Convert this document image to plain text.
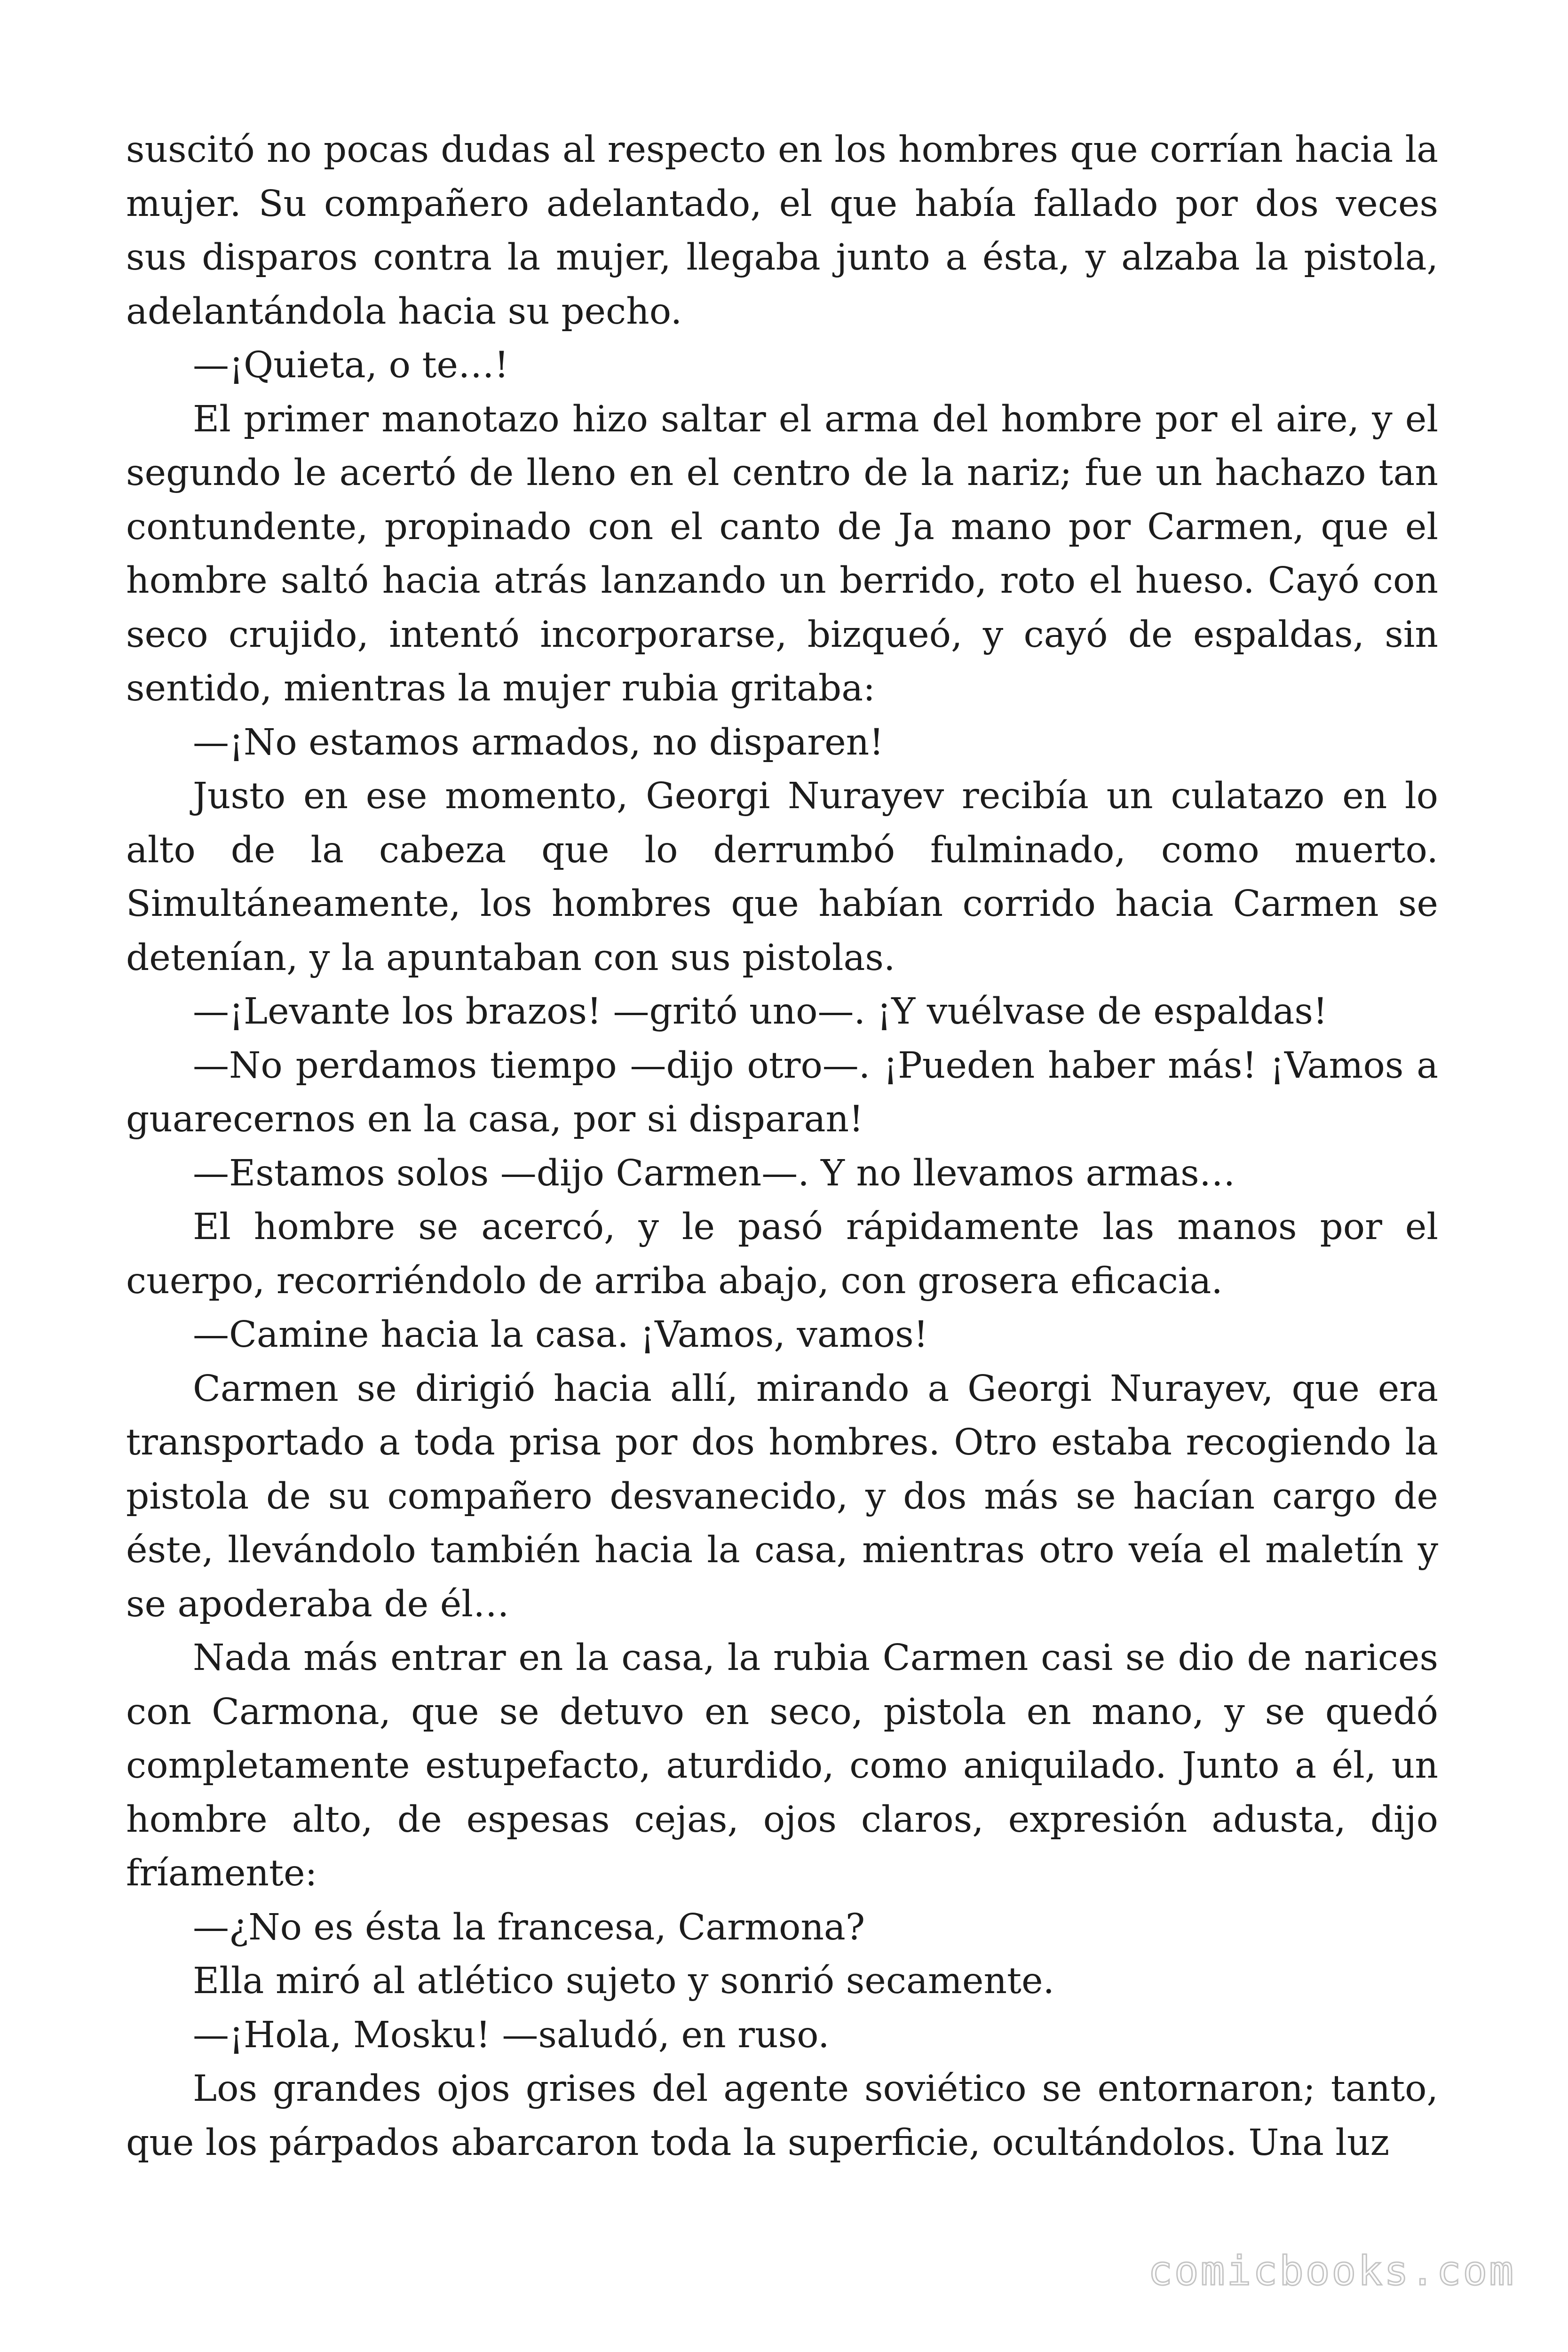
suscitó no pocas dudas al respecto en los hombres que corrían hacia la mujer. Su compañero adelantado, el que había fallado por dos veces sus disparos contra la mujer, llegaba junto a ésta, y alzaba la pistola, adelantándola hacia su pecho.

—¡Quieta, o te…!

El primer manotazo hizo saltar el arma del hombre por el aire, y el segundo le acertó de lleno en el centro de la nariz; fue un hachazo tan contundente, propinado con el canto de Ja mano por Carmen, que el hombre saltó hacia atrás lanzando un berrido, roto el hueso. Cayó con seco crujido, intentó incorporarse, bizqueó, y cayó de espaldas, sin sentido, mientras la mujer rubia gritaba:

—¡No estamos armados, no disparen!

Justo en ese momento, Georgi Nurayev recibía un culatazo en lo alto de la cabeza que lo derrumbó fulminado, como muerto. Simultáneamente, los hombres que habían corrido hacia Carmen se detenían, y la apuntaban con sus pistolas.

—¡Levante los brazos! —gritó uno—. ¡Y vuélvase de espaldas!

—No perdamos tiempo —dijo otro—. ¡Pueden haber más! ¡Vamos a guarecernos en la casa, por si disparan!

—Estamos solos —dijo Carmen—. Y no llevamos armas…

El hombre se acercó, y le pasó rápidamente las manos por el cuerpo, recorriéndolo de arriba abajo, con grosera eficacia.

—Camine hacia la casa. ¡Vamos, vamos!

Carmen se dirigió hacia allí, mirando a Georgi Nurayev, que era transportado a toda prisa por dos hombres. Otro estaba recogiendo la pistola de su compañero desvanecido, y dos más se hacían cargo de éste, llevándolo también hacia la casa, mientras otro veía el maletín y se apoderaba de él…

Nada más entrar en la casa, la rubia Carmen casi se dio de narices con Carmona, que se detuvo en seco, pistola en mano, y se quedó completamente estupefacto, aturdido, como aniquilado. Junto a él, un hombre alto, de espesas cejas, ojos claros, expresión adusta, dijo fríamente:

—¿No es ésta la francesa, Carmona?

Ella miró al atlético sujeto y sonrió secamente.

—¡Hola, Mosku! —saludó, en ruso.

Los grandes ojos grises del agente soviético se entornaron; tanto, que los párpados abarcaron toda la superficie, ocultándolos. Una luz

comicbooks.com
